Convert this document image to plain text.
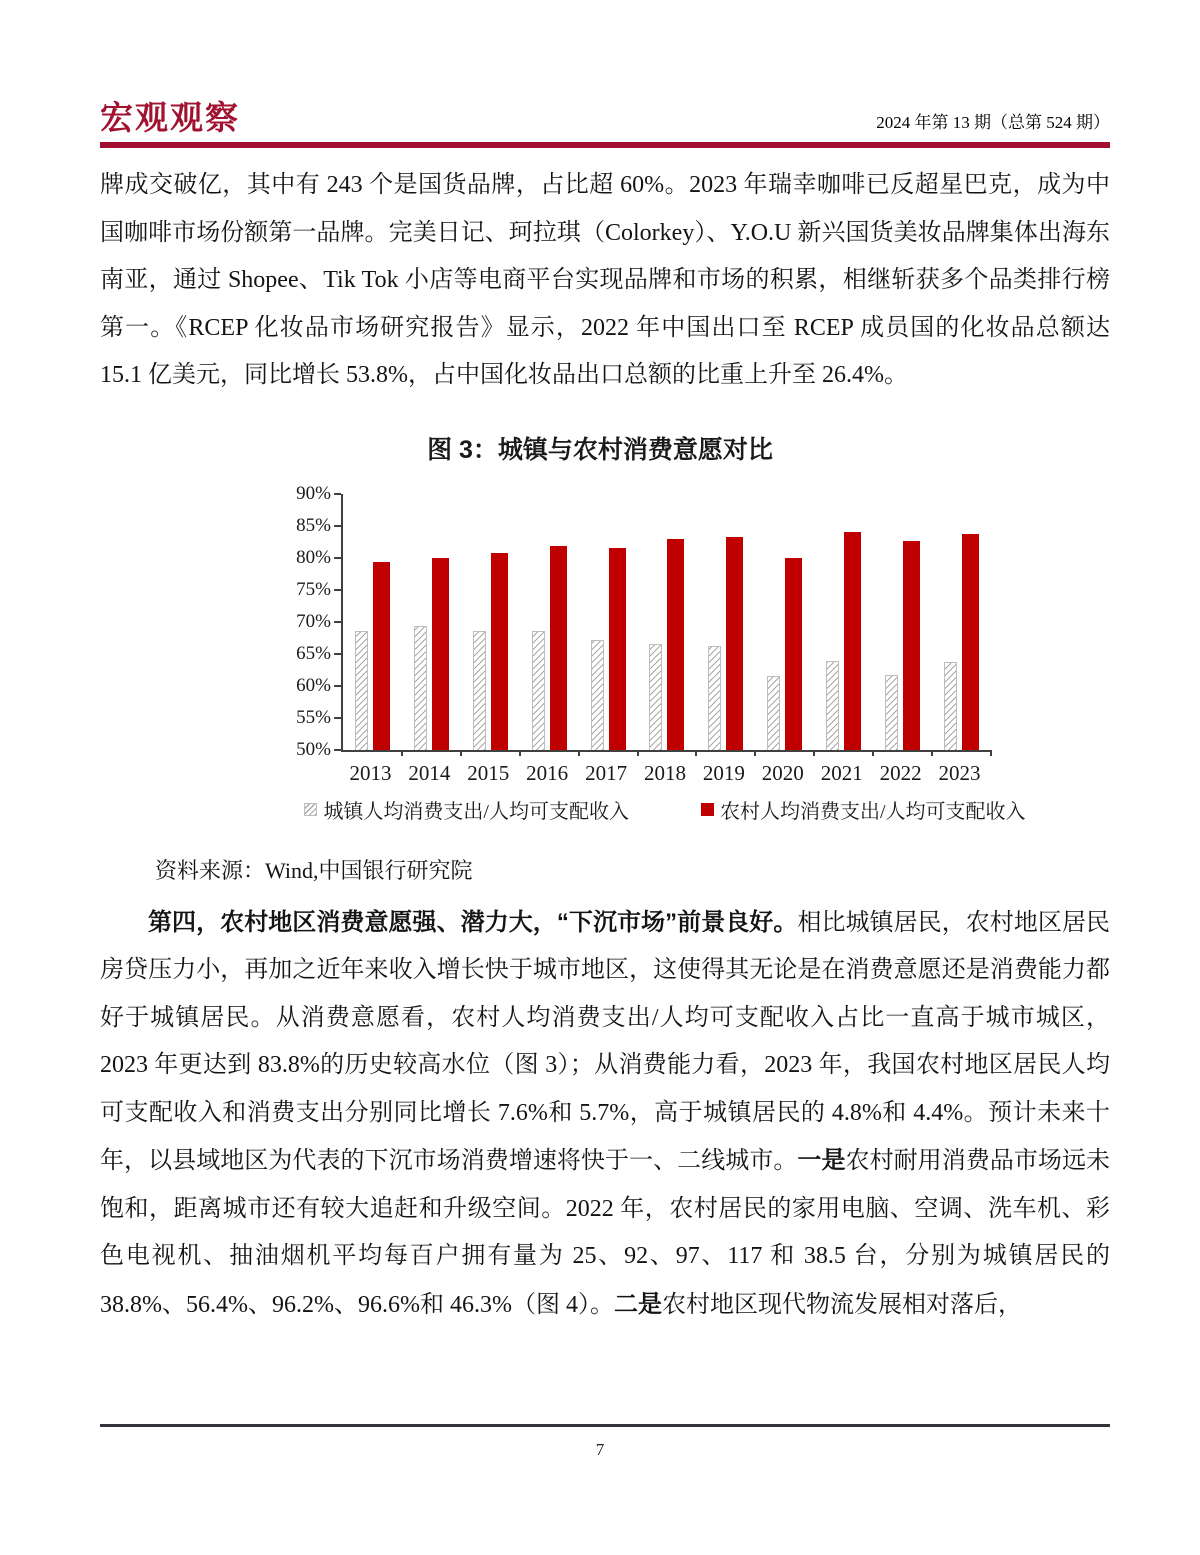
宏观观察	2024 年第 13 期（总第 524 期）
牌成交破亿，其中有 243 个是国货品牌，占比超 60%。2023 年瑞幸咖啡已反超星巴克，成为中国咖啡市场份额第一品牌。完美日记、珂拉琪（Colorkey）、Y.O.U 新兴国货美妆品牌集体出海东南亚，通过 Shopee、Tik Tok 小店等电商平台实现品牌和市场的积累，相继斩获多个品类排行榜第一。《RCEP 化妆品市场研究报告》显示，2022 年中国出口至 RCEP 成员国的化妆品总额达 15.1 亿美元，同比增长 53.8%，占中国化妆品出口总额的比重上升至 26.4%。
图 3：城镇与农村消费意愿对比
50%
55%
60%
65%
70%
75%
80%
85%
90%
2013 2014 2015 2016 2017 2018 2019 2020 2021 2022 2023
城镇人均消费支出/人均可支配收入	农村人均消费支出/人均可支配收入
资料来源：Wind,中国银行研究院
第四，农村地区消费意愿强、潜力大，“下沉市场”前景良好。相比城镇居民，农村地区居民房贷压力小，再加之近年来收入增长快于城市地区，这使得其无论是在消费意愿还是消费能力都好于城镇居民。从消费意愿看，农村人均消费支出/人均可支配收入占比一直高于城市城区，2023 年更达到 83.8%的历史较高水位（图 3）；从消费能力看，2023 年，我国农村地区居民人均可支配收入和消费支出分别同比增长 7.6%和 5.7%，高于城镇居民的 4.8%和 4.4%。预计未来十年，以县域地区为代表的下沉市场消费增速将快于一、二线城市。一是农村耐用消费品市场远未饱和，距离城市还有较大追赶和升级空间。2022 年，农村居民的家用电脑、空调、洗车机、彩色电视机、抽油烟机平均每百户拥有量为 25、92、97、117 和 38.5 台，分别为城镇居民的 38.8%、56.4%、96.2%、96.6%和 46.3%（图 4）。二是农村地区现代物流发展相对落后，
7
